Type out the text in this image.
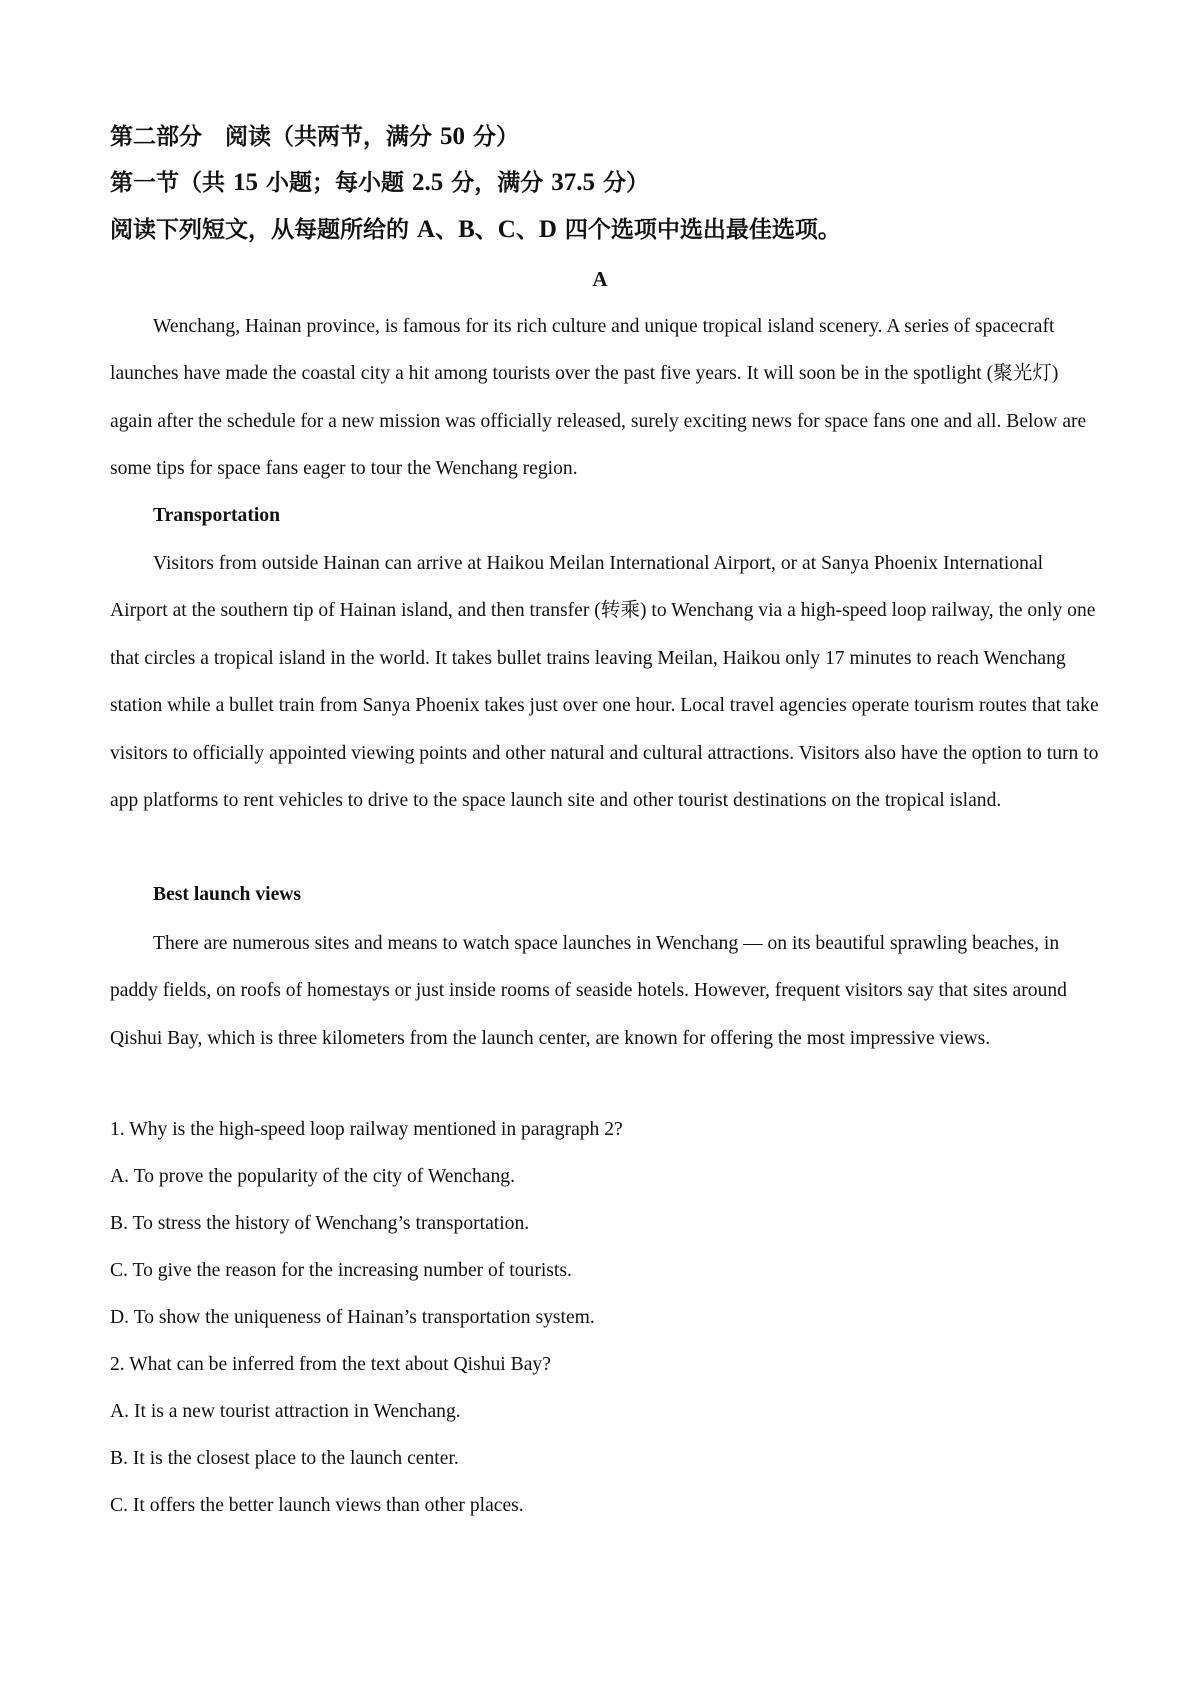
第二部分　阅读（共两节，满分 50 分）
第一节（共 15 小题；每小题 2.5 分，满分 37.5 分）
阅读下列短文，从每题所给的 A、B、C、D 四个选项中选出最佳选项。
A

Wenchang, Hainan province, is famous for its rich culture and unique tropical island scenery. A series of spacecraft launches have made the coastal city a hit among tourists over the past five years. It will soon be in the spotlight (聚光灯) again after the schedule for a new mission was officially released, surely exciting news for space fans one and all. Below are some tips for space fans eager to tour the Wenchang region.

Transportation

Visitors from outside Hainan can arrive at Haikou Meilan International Airport, or at Sanya Phoenix International Airport at the southern tip of Hainan island, and then transfer (转乘) to Wenchang via a high-speed loop railway, the only one that circles a tropical island in the world. It takes bullet trains leaving Meilan, Haikou only 17 minutes to reach Wenchang station while a bullet train from Sanya Phoenix takes just over one hour. Local travel agencies operate tourism routes that take visitors to officially appointed viewing points and other natural and cultural attractions. Visitors also have the option to turn to app platforms to rent vehicles to drive to the space launch site and other tourist destinations on the tropical island.

Best launch views

There are numerous sites and means to watch space launches in Wenchang — on its beautiful sprawling beaches, in paddy fields, on roofs of homestays or just inside rooms of seaside hotels. However, frequent visitors say that sites around Qishui Bay, which is three kilometers from the launch center, are known for offering the most impressive views.

1. Why is the high-speed loop railway mentioned in paragraph 2?
A. To prove the popularity of the city of Wenchang.
B. To stress the history of Wenchang’s transportation.
C. To give the reason for the increasing number of tourists.
D. To show the uniqueness of Hainan’s transportation system.
2. What can be inferred from the text about Qishui Bay?
A. It is a new tourist attraction in Wenchang.
B. It is the closest place to the launch center.
C. It offers the better launch views than other places.
